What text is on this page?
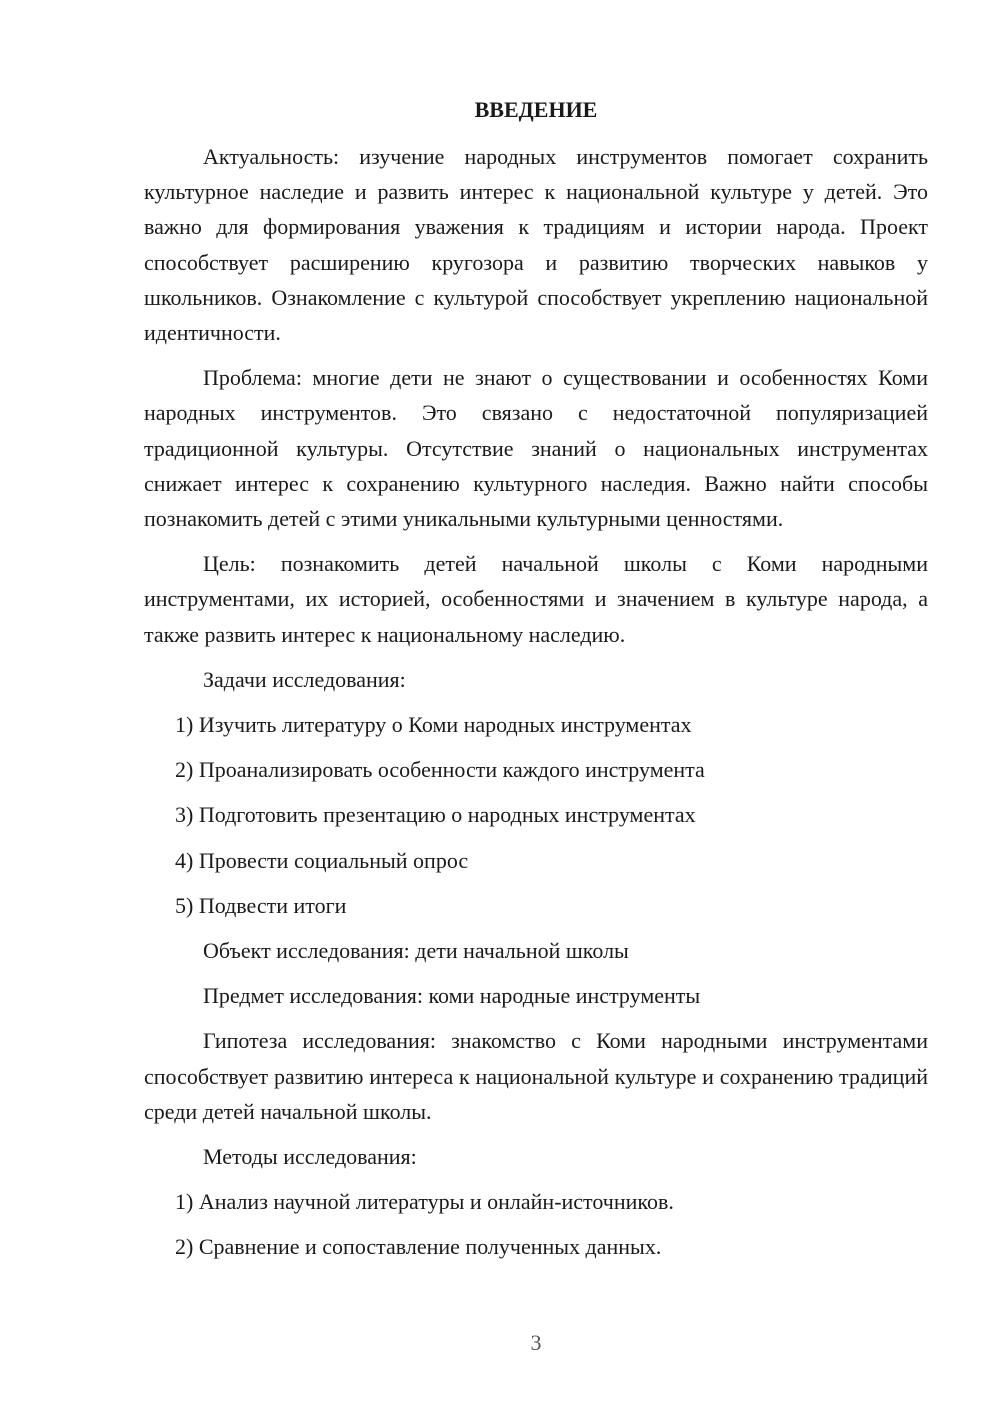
ВВЕДЕНИЕ

Актуальность: изучение народных инструментов помогает сохранить культурное наследие и развить интерес к национальной культуре у детей. Это важно для формирования уважения к традициям и истории народа. Проект способствует расширению кругозора и развитию творческих навыков у школьников. Ознакомление с культурой способствует укреплению национальной идентичности.

Проблема: многие дети не знают о существовании и особенностях Коми народных инструментов. Это связано с недостаточной популяризацией традиционной культуры. Отсутствие знаний о национальных инструментах снижает интерес к сохранению культурного наследия. Важно найти способы познакомить детей с этими уникальными культурными ценностями.

Цель: познакомить детей начальной школы с Коми народными инструментами, их историей, особенностями и значением в культуре народа, а также развить интерес к национальному наследию.

Задачи исследования:
1) Изучить литературу о Коми народных инструментах
2) Проанализировать особенности каждого инструмента
3) Подготовить презентацию о народных инструментах
4) Провести социальный опрос
5) Подвести итоги
Объект исследования: дети начальной школы
Предмет исследования: коми народные инструменты

Гипотеза исследования: знакомство с Коми народными инструментами способствует развитию интереса к национальной культуре и сохранению традиций среди детей начальной школы.

Методы исследования:
1) Анализ научной литературы и онлайн-источников.
2) Сравнение и сопоставление полученных данных.
3
